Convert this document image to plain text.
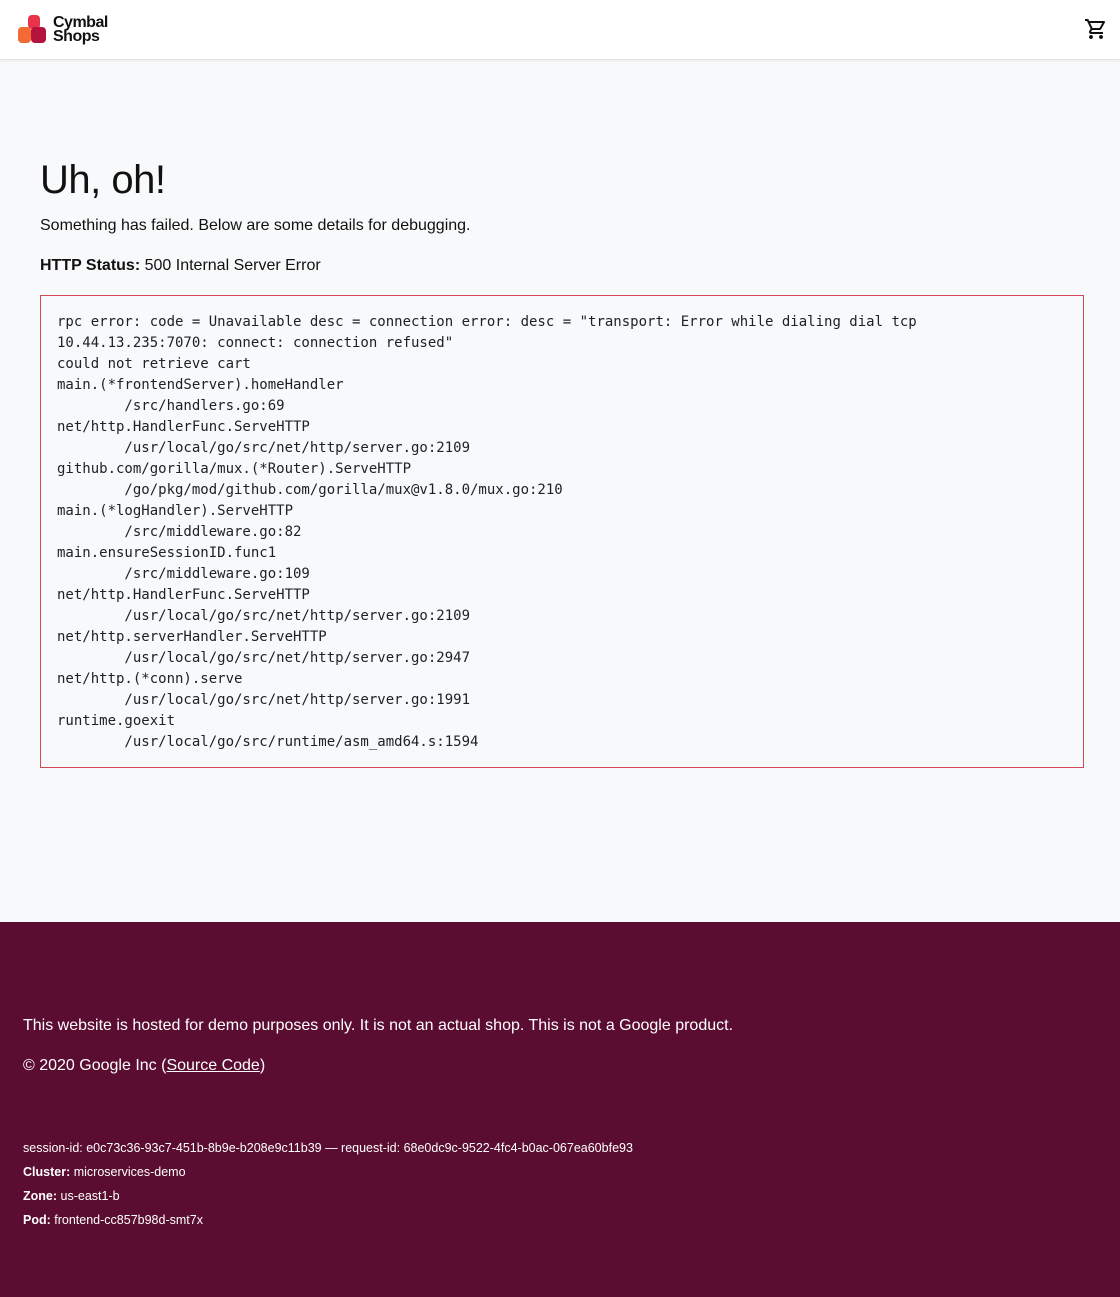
Cymbal
Shops
Uh, oh!

Something has failed. Below are some details for debugging.

HTTP Status: 500 Internal Server Error

rpc error: code = Unavailable desc = connection error: desc = "transport: Error while dialing dial tcp
10.44.13.235:7070: connect: connection refused"
could not retrieve cart
main.(*frontendServer).homeHandler
/src/handlers.go:69
net/http.HandlerFunc.ServeHTTP
/usr/local/go/src/net/http/server.go:2109
github.com/gorilla/mux.(*Router).ServeHTTP
/go/pkg/mod/github.com/gorilla/mux@v1.8.0/mux.go:210
main.(*logHandler).ServeHTTP
/src/middleware.go:82
main.ensureSessionID.func1
/src/middleware.go:109
net/http.HandlerFunc.ServeHTTP
/usr/local/go/src/net/http/server.go:2109
net/http.serverHandler.ServeHTTP
/usr/local/go/src/net/http/server.go:2947
net/http.(*conn).serve
/usr/local/go/src/net/http/server.go:1991
runtime.goexit
/usr/local/go/src/runtime/asm_amd64.s:1594

This website is hosted for demo purposes only. It is not an actual shop. This is not a Google product.

© 2020 Google Inc (Source Code)

session-id: e0c73c36-93c7-451b-8b9e-b208e9c11b39 — request-id: 68e0dc9c-9522-4fc4-b0ac-067ea60bfe93
Cluster: microservices-demo
Zone: us-east1-b
Pod: frontend-cc857b98d-smt7x
